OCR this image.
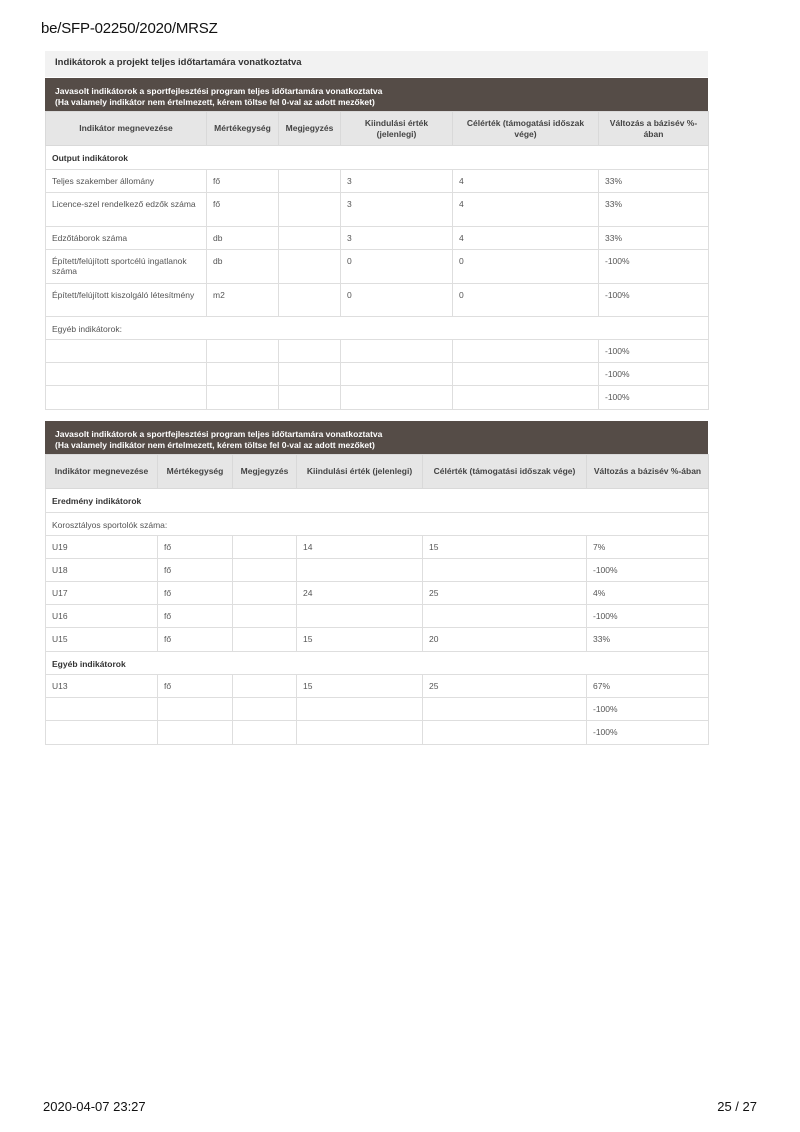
be/SFP-02250/2020/MRSZ
Indikátorok a projekt teljes időtartamára vonatkoztatva
Javasolt indikátorok a sportfejlesztési program teljes időtartamára vonatkoztatva
(Ha valamely indikátor nem értelmezett, kérem töltse fel 0-val az adott mezőket)
Indikátor megnevezése	Mértékegység	Megjegyzés	Kiindulási érték (jelenlegi)	Célérték (támogatási időszak vége)	Változás a bázisév %-ában
Output indikátorok					
Teljes szakember állomány	fő		3	4	33%
Licence-szel rendelkező edzők száma	fő		3	4	33%
Edzőtáborok száma	db		3	4	33%
Épített/felújított sportcélú ingatlanok száma	db		0	0	-100%
Épített/felújított kiszolgáló létesítmény	m2		0	0	-100%
Egyéb indikátorok:					
					-100%
					-100%
					-100%
Javasolt indikátorok a sportfejlesztési program teljes időtartamára vonatkoztatva
(Ha valamely indikátor nem értelmezett, kérem töltse fel 0-val az adott mezőket)
Indikátor megnevezése	Mértékegység	Megjegyzés	Kiindulási érték (jelenlegi)	Célérték (támogatási időszak vége)	Változás a bázisév %-ában
Eredmény indikátorok					
Korosztályos sportolók száma:					
U19	fő		14	15	7%
U18	fő				-100%
U17	fő		24	25	4%
U16	fő				-100%
U15	fő		15	20	33%
Egyéb indikátorok					
U13	fő		15	25	67%
					-100%
					-100%
2020-04-07 23:27	25 / 27
